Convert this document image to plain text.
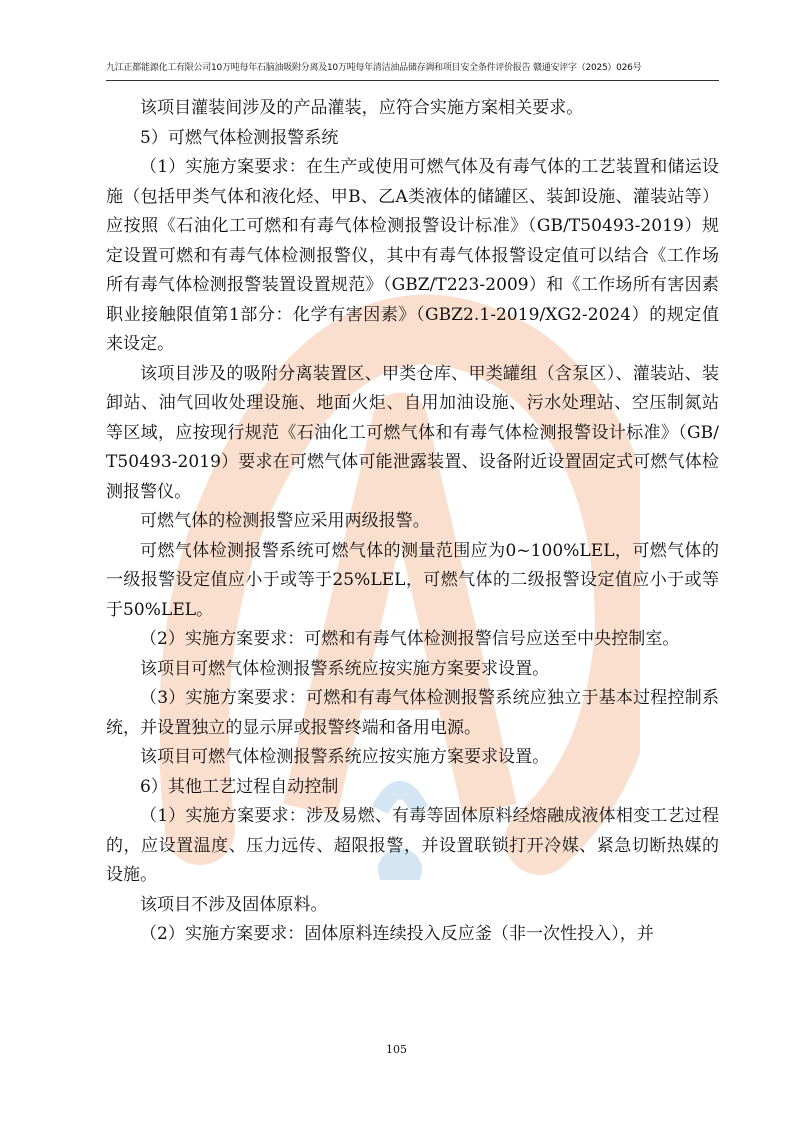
九江正都能源化工有限公司10万吨每年石脑油吸附分离及10万吨每年清洁油品储存调和项目安全条件评价报告 赣通安评字（2025）026号

该项目灌装间涉及的产品灌装，应符合实施方案相关要求。

5）可燃气体检测报警系统

（1）实施方案要求：在生产或使用可燃气体及有毒气体的工艺装置和储运设施（包括甲类气体和液化烃、甲B、乙A类液体的储罐区、装卸设施、灌装站等）应按照《石油化工可燃和有毒气体检测报警设计标准》（GB/T50493-2019）规定设置可燃和有毒气体检测报警仪，其中有毒气体报警设定值可以结合《工作场所有毒气体检测报警装置设置规范》（GBZ/T223-2009）和《工作场所有害因素职业接触限值第1部分：化学有害因素》（GBZ2.1-2019/XG2-2024）的规定值来设定。

该项目涉及的吸附分离装置区、甲类仓库、甲类罐组（含泵区）、灌装站、装卸站、油气回收处理设施、地面火炬、自用加油设施、污水处理站、空压制氮站等区域，应按现行规范《石油化工可燃气体和有毒气体检测报警设计标准》（GB/T50493-2019）要求在可燃气体可能泄露装置、设备附近设置固定式可燃气体检测报警仪。

可燃气体的检测报警应采用两级报警。

可燃气体检测报警系统可燃气体的测量范围应为0~100%LEL，可燃气体的一级报警设定值应小于或等于25%LEL，可燃气体的二级报警设定值应小于或等于50%LEL。

（2）实施方案要求：可燃和有毒气体检测报警信号应送至中央控制室。

该项目可燃气体检测报警系统应按实施方案要求设置。

（3）实施方案要求：可燃和有毒气体检测报警系统应独立于基本过程控制系统，并设置独立的显示屏或报警终端和备用电源。

该项目可燃气体检测报警系统应按实施方案要求设置。

6）其他工艺过程自动控制

（1）实施方案要求：涉及易燃、有毒等固体原料经熔融成液体相变工艺过程的，应设置温度、压力远传、超限报警，并设置联锁打开冷媒、紧急切断热媒的设施。

该项目不涉及固体原料。

（2）实施方案要求：固体原料连续投入反应釜（非一次性投入），并

105
